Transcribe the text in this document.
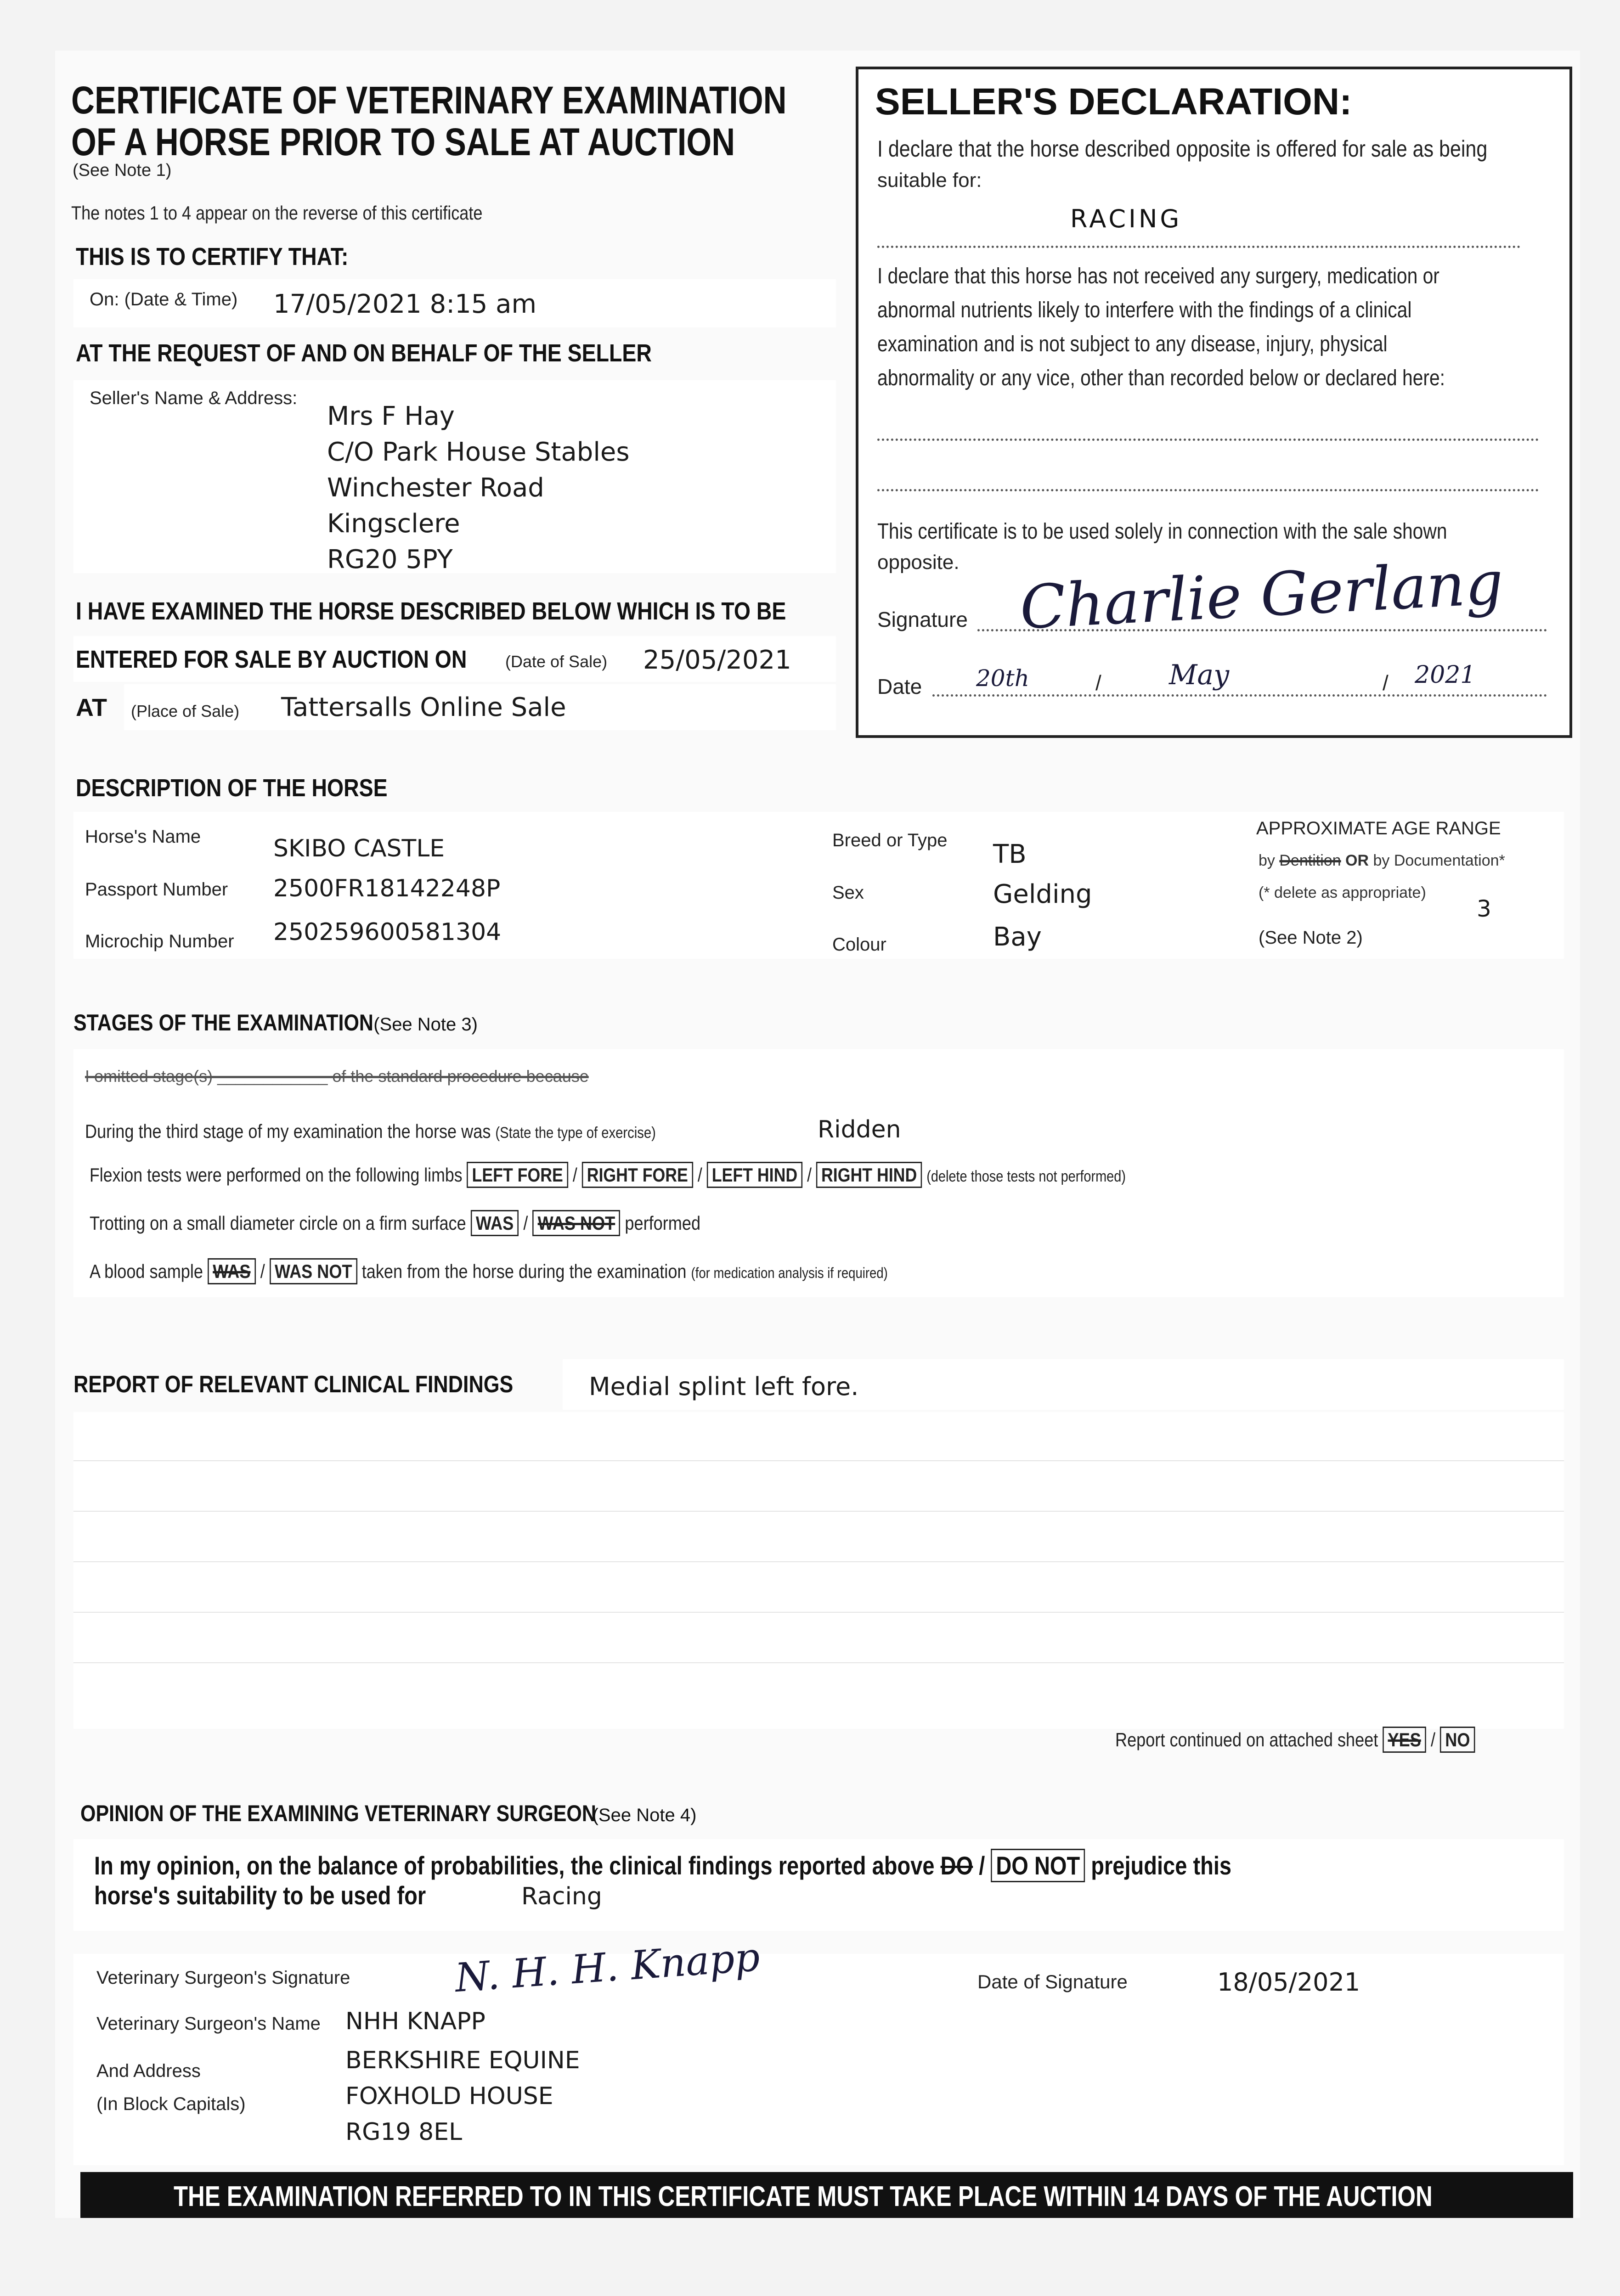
CERTIFICATE OF VETERINARY EXAMINATION
OF A HORSE PRIOR TO SALE AT AUCTION
(See Note 1)
The notes 1 to 4 appear on the reverse of this certificate
THIS IS TO CERTIFY THAT:
On: (Date & Time) 17/05/2021 8:15 am
AT THE REQUEST OF AND ON BEHALF OF THE SELLER
Seller's Name & Address:
Mrs F Hay
C/O Park House Stables
Winchester Road
Kingsclere
RG20 5PY
I HAVE EXAMINED THE HORSE DESCRIBED BELOW WHICH IS TO BE
ENTERED FOR SALE BY AUCTION ON (Date of Sale) 25/05/2021
AT (Place of Sale) Tattersalls Online Sale
SELLER'S DECLARATION:
I declare that the horse described opposite is offered for sale as being
suitable for:
RACING
I declare that this horse has not received any surgery, medication or
abnormal nutrients likely to interfere with the findings of a clinical
examination and is not subject to any disease, injury, physical
abnormality or any vice, other than recorded below or declared here:
This certificate is to be used solely in connection with the sale shown
opposite.
Signature Charlie Gerlang
Date 20th	/ May	/ 2021
DESCRIPTION OF THE HORSE
Horse's Name	SKIBO CASTLE
Passport Number 2500FR18142248P
Microchip Number 250259600581304
Breed or Type TB
Sex	Gelding
Colour	Bay
APPROXIMATE AGE RANGE
by Dentition OR by Documentation*
(* delete as appropriate)
3
(See Note 2)
STAGES OF THE EXAMINATION (See Note 3)
I omitted stage(s) ____________ of the standard procedure because
During the third stage of my examination the horse was (State the type of exercise)	Ridden
Flexion tests were performed on the following limbs LEFT FORE / RIGHT FORE / LEFT HIND / RIGHT HIND (delete those tests not performed)
Trotting on a small diameter circle on a firm surface WAS / WAS NOT performed
A blood sample WAS / WAS NOT taken from the horse during the examination (for medication analysis if required)
REPORT OF RELEVANT CLINICAL FINDINGS	Medial splint left fore.
Report continued on attached sheet YES / NO
OPINION OF THE EXAMINING VETERINARY SURGEON (See Note 4)
In my opinion, on the balance of probabilities, the clinical findings reported above DO / DO NOT prejudice this
horse's suitability to be used for	Racing
Veterinary Surgeon's Signature	N. H. H. Knapp	Date of Signature	18/05/2021
Veterinary Surgeon's Name NHH KNAPP
And Address
(In Block Capitals)
BERKSHIRE EQUINE
FOXHOLD HOUSE
RG19 8EL
THE EXAMINATION REFERRED TO IN THIS CERTIFICATE MUST TAKE PLACE WITHIN 14 DAYS OF THE AUCTION
